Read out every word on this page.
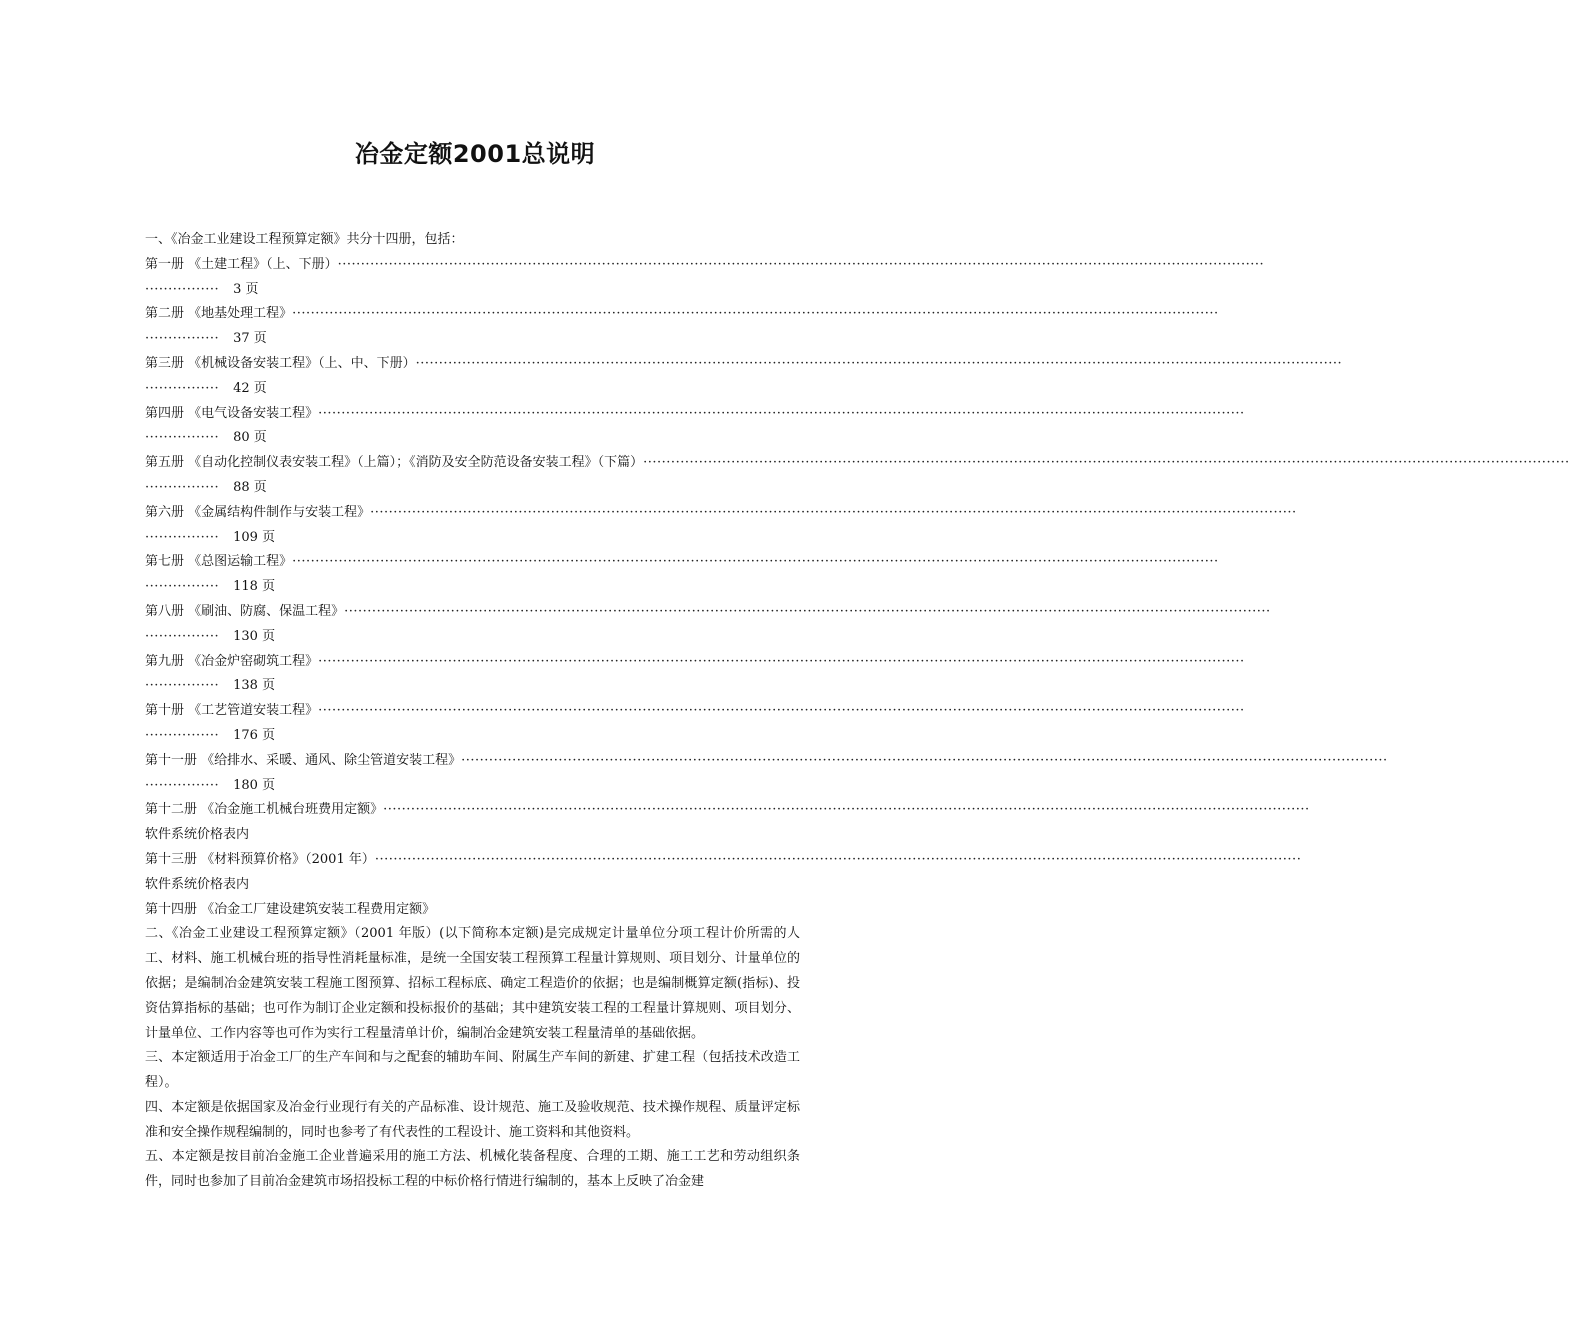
冶金定额2001总说明
一、《冶金工业建设工程预算定额》共分十四册，包括：
第一册 《土建工程》（上、下册） ········································································································································································································
················ 3 页
第二册 《地基处理工程》 ········································································································································································································
················ 37 页
第三册 《机械设备安装工程》（上、中、下册） ········································································································································································································
················ 42 页
第四册 《电气设备安装工程》 ········································································································································································································
················ 80 页
第五册 《自动化控制仪表安装工程》（上篇）；《消防及安全防范设备安装工程》（下篇） ········································································································································································································
················ 88 页
第六册 《金属结构件制作与安装工程》 ········································································································································································································
················ 109 页
第七册 《总图运输工程》 ········································································································································································································
················ 118 页
第八册 《刷油、防腐、保温工程》 ········································································································································································································
················ 130 页
第九册 《冶金炉窑砌筑工程》 ········································································································································································································
················ 138 页
第十册 《工艺管道安装工程》 ········································································································································································································
················ 176 页
第十一册 《给排水、采暖、通风、除尘管道安装工程》 ········································································································································································································
················ 180 页
第十二册 《冶金施工机械台班费用定额》 ········································································································································································································
软件系统价格表内
第十三册 《材料预算价格》（2001 年） ········································································································································································································
软件系统价格表内
第十四册 《冶金工厂建设建筑安装工程费用定额》
二、《冶金工业建设工程预算定额》（2001 年版）(以下简称本定额)是完成规定计量单位分项工程计价所需的人工、材料、施工机械台班的指导性消耗量标准，是统一全国安装工程预算工程量计算规则、项目划分、计量单位的依据；是编制冶金建筑安装工程施工图预算、招标工程标底、确定工程造价的依据；也是编制概算定额(指标)、投资估算指标的基础；也可作为制订企业定额和投标报价的基础；其中建筑安装工程的工程量计算规则、项目划分、计量单位、工作内容等也可作为实行工程量清单计价，编制冶金建筑安装工程量清单的基础依据。
三、本定额适用于冶金工厂的生产车间和与之配套的辅助车间、附属生产车间的新建、扩建工程（包括技术改造工程）。
四、本定额是依据国家及冶金行业现行有关的产品标准、设计规范、施工及验收规范、技术操作规程、质量评定标准和安全操作规程编制的，同时也参考了有代表性的工程设计、施工资料和其他资料。
五、本定额是按目前冶金施工企业普遍采用的施工方法、机械化装备程度、合理的工期、施工工艺和劳动组织条件，同时也参加了目前冶金建筑市场招投标工程的中标价格行情进行编制的，基本上反映了冶金建
